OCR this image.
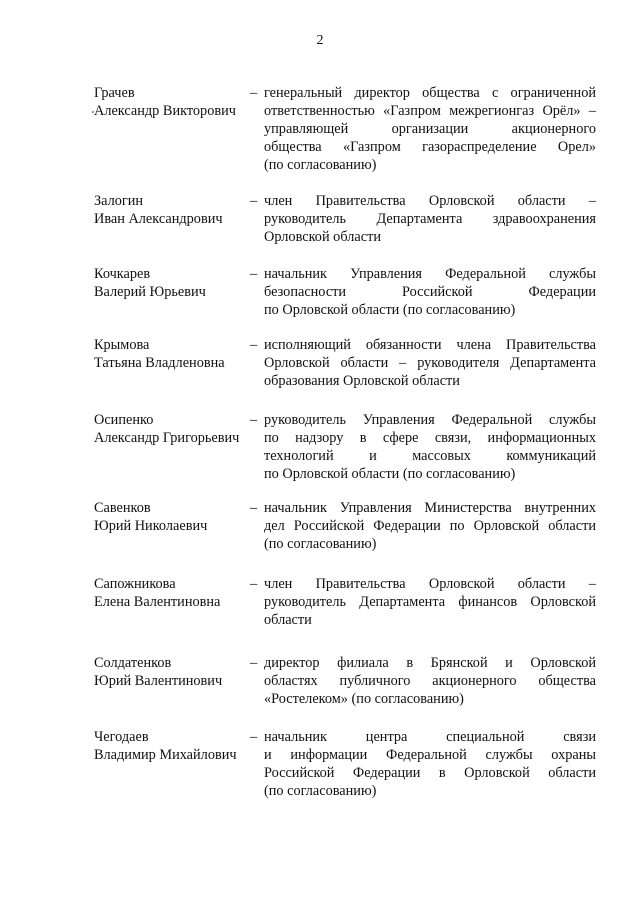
2
Грачев
Александр Викторович
– генеральный директор общества с ограниченной
ответственностью «Газпром межрегионгаз Орёл» –
управляющей организации акционерного
общества «Газпром газораспределение Орел»
(по согласованию)
Залогин
Иван Александрович
– член Правительства Орловской области –
руководитель Департамента здравоохранения
Орловской области
Кочкарев
Валерий Юрьевич
– начальник Управления Федеральной службы
безопасности Российской Федерации
по Орловской области (по согласованию)
Крымова
Татьяна Владленовна
– исполняющий обязанности члена Правительства
Орловской области – руководителя Департамента
образования Орловской области
Осипенко
Александр Григорьевич
– руководитель Управления Федеральной службы
по надзору в сфере связи, информационных
технологий и массовых коммуникаций
по Орловской области (по согласованию)
Савенков
Юрий Николаевич
– начальник Управления Министерства внутренних
дел Российской Федерации по Орловской области
(по согласованию)
Сапожникова
Елена Валентиновна
– член Правительства Орловской области –
руководитель Департамента финансов Орловской
области
Солдатенков
Юрий Валентинович
– директор филиала в Брянской и Орловской
областях публичного акционерного общества
«Ростелеком» (по согласованию)
Чегодаев
Владимир Михайлович
– начальник центра специальной связи
и информации Федеральной службы охраны
Российской Федерации в Орловской области
(по согласованию)
